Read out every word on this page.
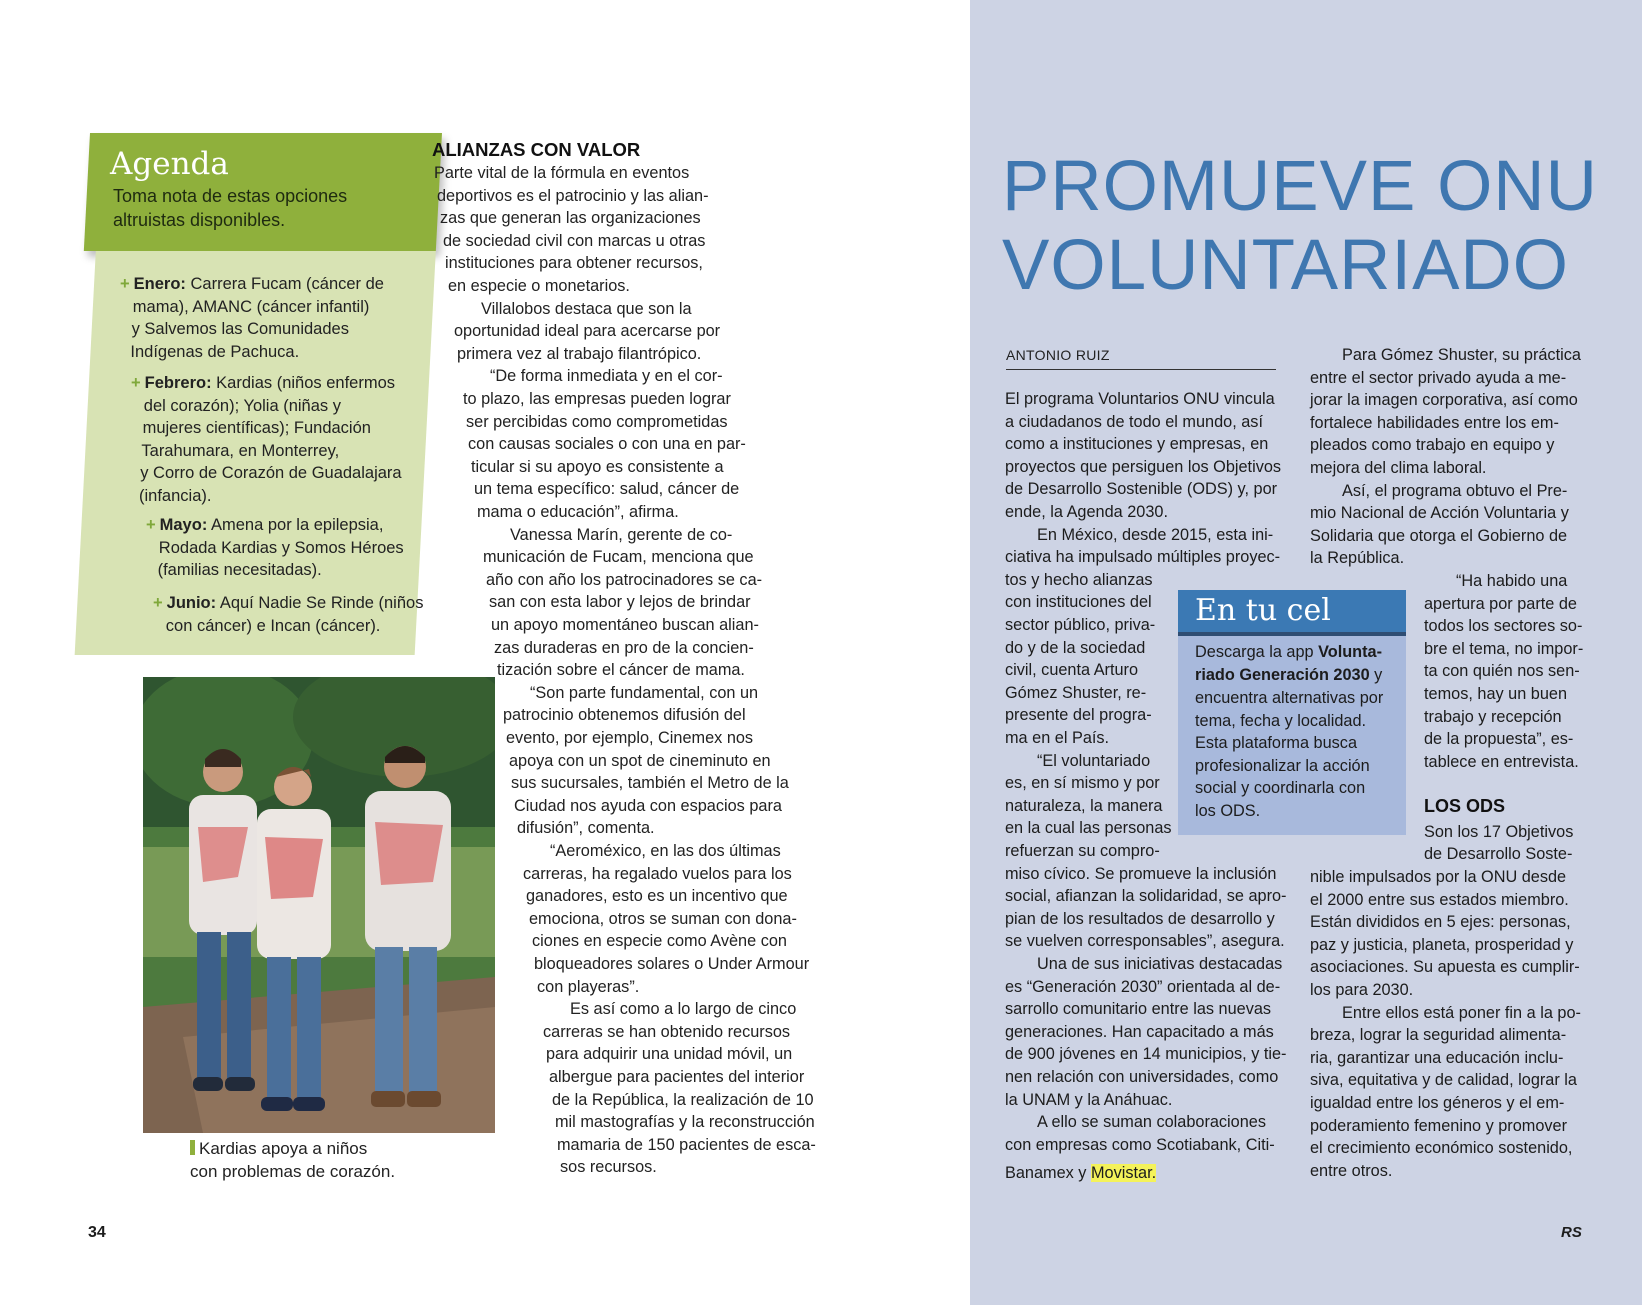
Agenda
Toma nota de estas opciones
altruistas disponibles.
+ Enero: Carrera Fucam (cáncer de
mama), AMANC (cáncer infantil)
y Salvemos las Comunidades
Indígenas de Pachuca.
+ Febrero: Kardias (niños enfermos
del corazón); Yolia (niñas y
mujeres científicas); Fundación
Tarahumara, en Monterrey,
y Corro de Corazón de Guadalajara
(infancia).
+ Mayo: Amena por la epilepsia,
Rodada Kardias y Somos Héroes
(familias necesitadas).
+ Junio: Aquí Nadie Se Rinde (niños
con cáncer) e Incan (cáncer).
Kardias apoya a niños
con problemas de corazón.
ALIANZAS CON VALOR
Parte vital de la fórmula en eventos
deportivos es el patrocinio y las alian-
zas que generan las organizaciones
de sociedad civil con marcas u otras
instituciones para obtener recursos,
en especie o monetarios.
Villalobos destaca que son la
oportunidad ideal para acercarse por
primera vez al trabajo filantrópico.
“De forma inmediata y en el cor-
to plazo, las empresas pueden lograr
ser percibidas como comprometidas
con causas sociales o con una en par-
ticular si su apoyo es consistente a
un tema específico: salud, cáncer de
mama o educación”, afirma.
Vanessa Marín, gerente de co-
municación de Fucam, menciona que
año con año los patrocinadores se ca-
san con esta labor y lejos de brindar
un apoyo momentáneo buscan alian-
zas duraderas en pro de la concien-
tización sobre el cáncer de mama.
“Son parte fundamental, con un
patrocinio obtenemos difusión del
evento, por ejemplo, Cinemex nos
apoya con un spot de cineminuto en
sus sucursales, también el Metro de la
Ciudad nos ayuda con espacios para
difusión”, comenta.
“Aeroméxico, en las dos últimas
carreras, ha regalado vuelos para los
ganadores, esto es un incentivo que
emociona, otros se suman con dona-
ciones en especie como Avène con
bloqueadores solares o Under Armour
con playeras”.
Es así como a lo largo de cinco
carreras se han obtenido recursos
para adquirir una unidad móvil, un
albergue para pacientes del interior
de la República, la realización de 10
mil mastografías y la reconstrucción
mamaria de 150 pacientes de esca-
sos recursos.
34
PROMUEVE ONU
VOLUNTARIADO
ANTONIO RUIZ
El programa Voluntarios ONU vincula
a ciudadanos de todo el mundo, así
como a instituciones y empresas, en
proyectos que persiguen los Objetivos
de Desarrollo Sostenible (ODS) y, por
ende, la Agenda 2030.
En México, desde 2015, esta ini-
ciativa ha impulsado múltiples proyec-
tos y hecho alianzas
con instituciones del
sector público, priva-
do y de la sociedad
civil, cuenta Arturo
Gómez Shuster, re-
presente del progra-
ma en el País.
“El voluntariado
es, en sí mismo y por
naturaleza, la manera
en la cual las personas
refuerzan su compro-
miso cívico. Se promueve la inclusión
social, afianzan la solidaridad, se apro-
pian de los resultados de desarrollo y
se vuelven corresponsables”, asegura.
Una de sus iniciativas destacadas
es “Generación 2030” orientada al de-
sarrollo comunitario entre las nuevas
generaciones. Han capacitado a más
de 900 jóvenes en 14 municipios, y tie-
nen relación con universidades, como
la UNAM y la Anáhuac.
A ello se suman colaboraciones
con empresas como Scotiabank, Citi-
Banamex y Movistar.
Para Gómez Shuster, su práctica
entre el sector privado ayuda a me-
jorar la imagen corporativa, así como
fortalece habilidades entre los em-
pleados como trabajo en equipo y
mejora del clima laboral.
Así, el programa obtuvo el Pre-
mio Nacional de Acción Voluntaria y
Solidaria que otorga el Gobierno de
la República.
“Ha habido una
apertura por parte de
todos los sectores so-
bre el tema, no impor-
ta con quién nos sen-
temos, hay un buen
trabajo y recepción
de la propuesta”, es-
tablece en entrevista.
Son los 17 Objetivos
de Desarrollo Soste-
nible impulsados por la ONU desde
el 2000 entre sus estados miembro.
Están divididos en 5 ejes: personas,
paz y justicia, planeta, prosperidad y
asociaciones. Su apuesta es cumplir-
los para 2030.
Entre ellos está poner fin a la po-
breza, lograr la seguridad alimenta-
ria, garantizar una educación inclu-
siva, equitativa y de calidad, lograr la
igualdad entre los géneros y el em-
poderamiento femenino y promover
el crecimiento económico sostenido,
entre otros.
En tu cel
Descarga la app Volunta-
riado Generación 2030 y
encuentra alternativas por
tema, fecha y localidad.
Esta plataforma busca
profesionalizar la acción
social y coordinarla con
los ODS.	LOS ODS
RS
